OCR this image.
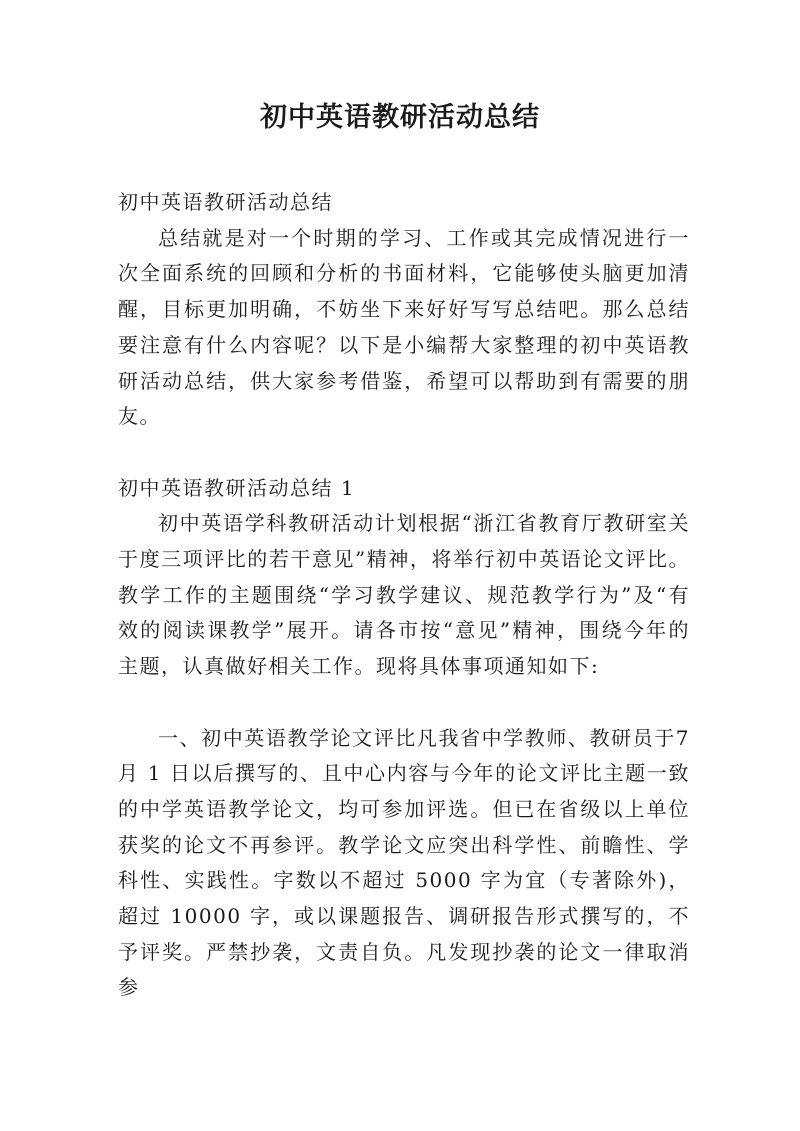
初中英语教研活动总结

初中英语教研活动总结

总结就是对一个时期的学习、工作或其完成情况进行一次全面系统的回顾和分析的书面材料，它能够使头脑更加清醒，目标更加明确，不妨坐下来好好写写总结吧。那么总结要注意有什么内容呢？以下是小编帮大家整理的初中英语教研活动总结，供大家参考借鉴，希望可以帮助到有需要的朋友。

初中英语教研活动总结 1

初中英语学科教研活动计划根据“浙江省教育厅教研室关于度三项评比的若干意见”精神，将举行初中英语论文评比。教学工作的主题围绕“学习教学建议、规范教学行为”及“有效的阅读课教学”展开。请各市按“意见”精神，围绕今年的主题，认真做好相关工作。现将具体事项通知如下:

一、初中英语教学论文评比凡我省中学教师、教研员于7 月 1 日以后撰写的、且中心内容与今年的论文评比主题一致的中学英语教学论文，均可参加评选。但已在省级以上单位获奖的论文不再参评。教学论文应突出科学性、前瞻性、学科性、实践性。字数以不超过 5000 字为宜（专著除外)，超过 10000 字，或以课题报告、调研报告形式撰写的，不予评奖。严禁抄袭，文责自负。凡发现抄袭的论文一律取消参
